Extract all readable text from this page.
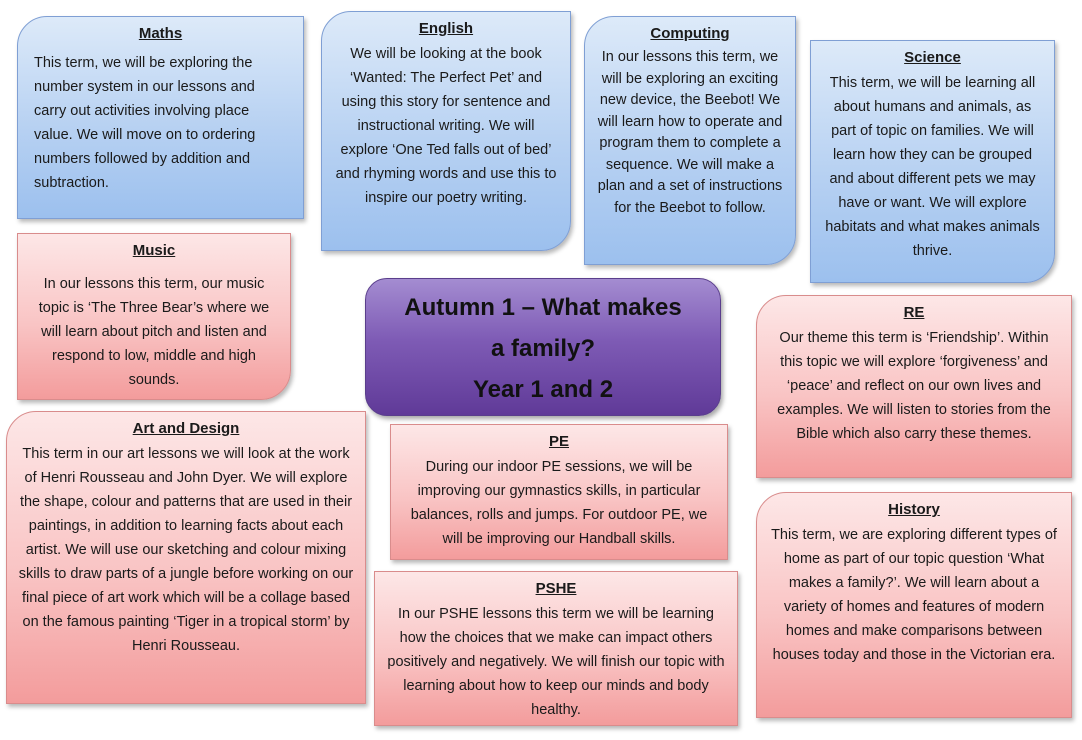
Maths
This term, we will be exploring the number system in our lessons and carry out activities involving place value. We will move on to ordering numbers followed by addition and subtraction.
English
We will be looking at the book ‘Wanted: The Perfect Pet’ and using this story for sentence and instructional writing. We will explore ‘One Ted falls out of bed’ and rhyming words and use this to inspire our poetry writing.
Computing
In our lessons this term, we will be exploring an exciting new device, the Beebot! We will learn how to operate and program them to complete a sequence. We will make a plan and a set of instructions for the Beebot to follow.
Science
This term, we will be learning all about humans and animals, as part of topic on families. We will learn how they can be grouped and about different pets we may have or want. We will explore habitats and what makes animals thrive.
Music
In our lessons this term, our music topic is ‘The Three Bear’s where we will learn about pitch and listen and respond to low, middle and high sounds.
Autumn 1 – What makes
a family?
Year 1 and 2
RE
Our theme this term is ‘Friendship’. Within this topic we will explore ‘forgiveness’ and ‘peace’ and reflect on our own lives and examples. We will listen to stories from the Bible which also carry these themes.
Art and Design
This term in our art lessons we will look at the work of Henri Rousseau and John Dyer. We will explore the shape, colour and patterns that are used in their paintings, in addition to learning facts about each artist. We will use our sketching and colour mixing skills to draw parts of a jungle before working on our final piece of art work which will be a collage based on the famous painting ‘Tiger in a tropical storm’ by Henri Rousseau.
PE
During our indoor PE sessions, we will be improving our gymnastics skills, in particular balances, rolls and jumps. For outdoor PE, we will be improving our Handball skills.
PSHE
In our PSHE lessons this term we will be learning how the choices that we make can impact others positively and negatively. We will finish our topic with learning about how to keep our minds and body healthy.
History
This term, we are exploring different types of home as part of our topic question ‘What makes a family?’. We will learn about a variety of homes and features of modern homes and make comparisons between houses today and those in the Victorian era.
